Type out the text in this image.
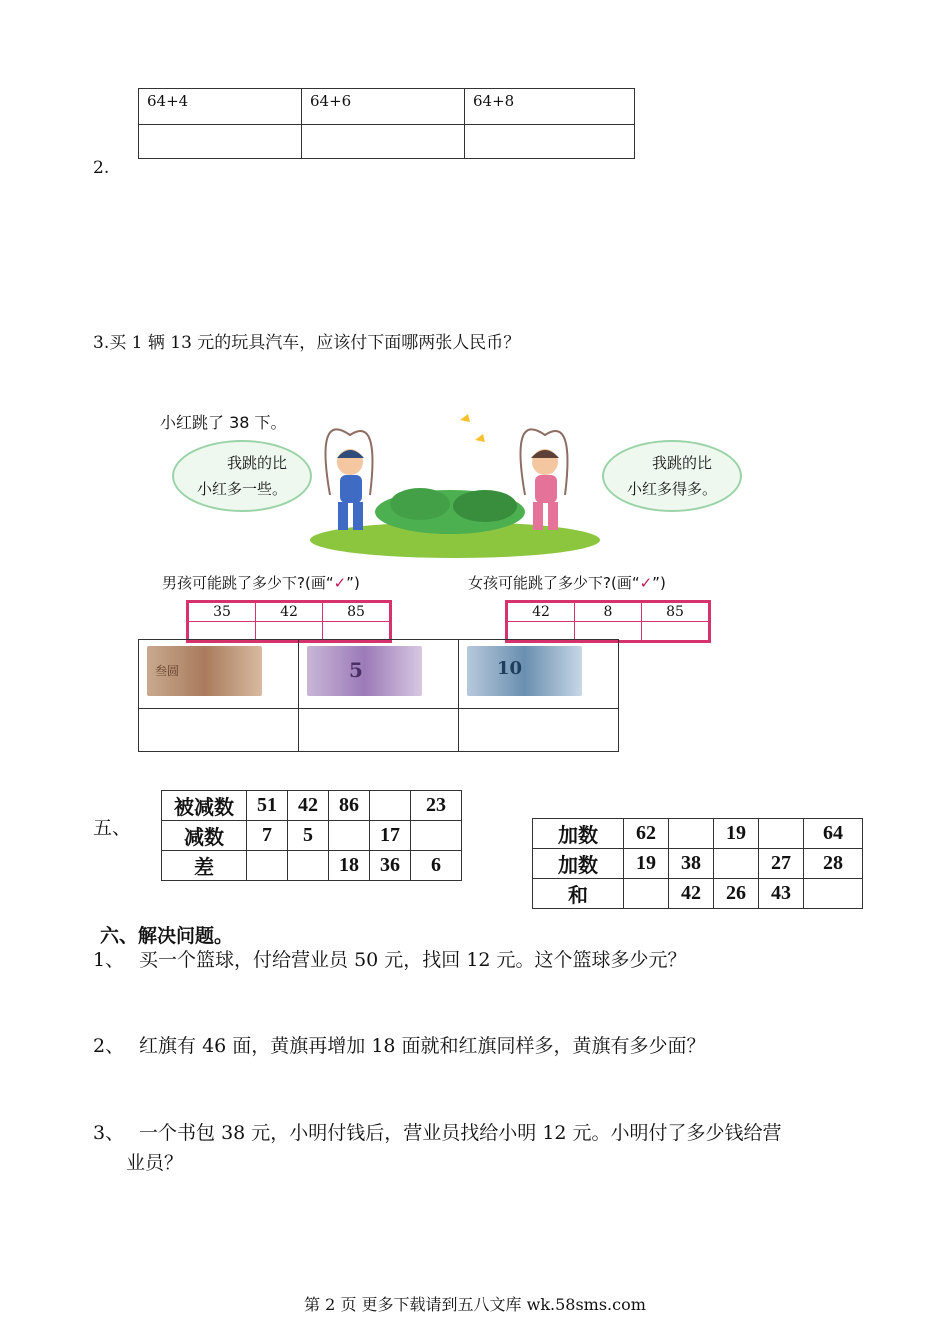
64+4	64+6	64+8

2.
3.买 1 辆 13 元的玩具汽车，应该付下面哪两张人民币？
小红跳了 38 下。
我跳的比
小红多一些。
我跳的比
小红多得多。
男孩可能跳了多少下?(画“✓”)	女孩可能跳了多少下?(画“✓”)
35	42	85
			42	8	85

叁圆	5	10

五、
被减数	51	42	86		23
减数	7	5		17	
差			18	36	6
加数	62		19		64
加数	19	38		27	28
和		42	26	43	
六、解决问题。
1、 买一个篮球，付给营业员 50 元，找回 12 元。这个篮球多少元？
2、 红旗有 46 面，黄旗再增加 18 面就和红旗同样多，黄旗有多少面？
3、 一个书包 38 元，小明付钱后，营业员找给小明 12 元。小明付了多少钱给营
业员？
第 2 页 更多下载请到五八文库 wk.58sms.com
